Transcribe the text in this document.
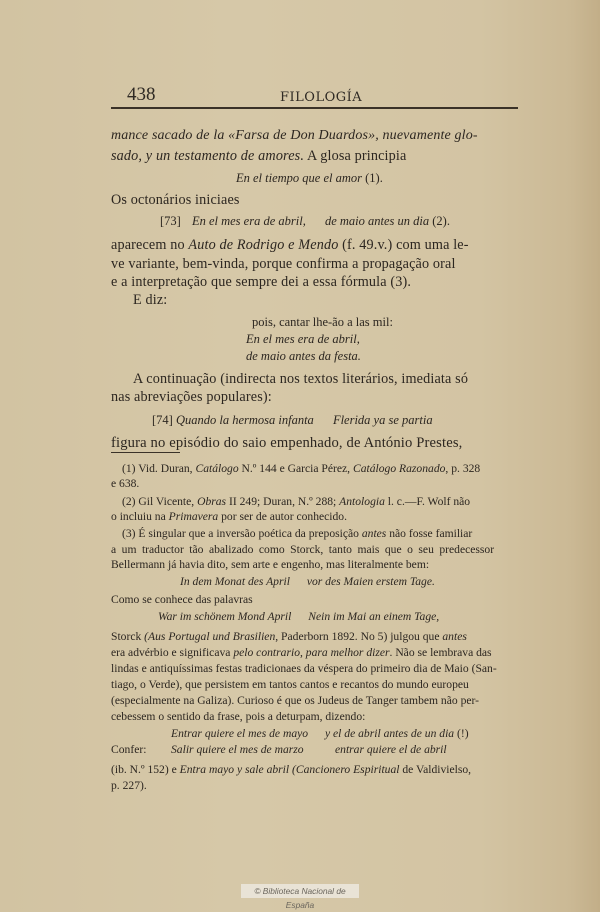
438	FILOLOGÍA
mance sacado de la «Farsa de Don Duardos», nuevamente glo-
sado, y un testamento de amores. A glosa principia
En el tiempo que el amor (1).
Os octonários iniciaes
[73] En el mes era de abril, de maio antes un dia (2).
aparecem no Auto de Rodrigo e Mendo (f. 49.v.) com uma le-
ve variante, bem-vinda, porque confirma a propagação oral
e a interpretação que sempre dei a essa fórmula (3).
E diz:
pois, cantar lhe-ão a las mil:
En el mes era de abril,
de maio antes da festa.
A continuação (indirecta nos textos literários, imediata só
nas abreviações populares):
[74] Quando la hermosa infanta Flerida ya se partia
figura no episódio do saio empenhado, de António Prestes,
(1) Vid. Duran, Catálogo N.º 144 e Garcia Pérez, Catálogo Razonado, p. 328
e 638.
(2) Gil Vicente, Obras II 249; Duran, N.º 288; Antologia l. c.—F. Wolf não
o incluiu na Primavera por ser de autor conhecido.
(3) É singular que a inversão poética da preposição antes não fosse familiar
a um traductor tão abalizado como Storck, tanto mais que o seu predecessor
Bellermann já havia dito, sem arte e engenho, mas literalmente bem:
In dem Monat des April vor des Maien erstem Tage.
Como se conhece das palavras
War im schönem Mond April Nein im Mai an einem Tage,
Storck (Aus Portugal und Brasilien, Paderborn 1892. No 5) julgou que antes
era advérbio e significava pelo contrario, para melhor dizer. Não se lembrava das
lindas e antiquíssimas festas tradicionaes da véspera do primeiro dia de Maio (San-
tiago, o Verde), que persistem em tantos cantos e recantos do mundo europeu
(especialmente na Galiza). Curioso é que os Judeus de Tanger tambem não per-
cebessem o sentido da frase, pois a deturpam, dizendo:
Entrar quiere el mes de mayo y el de abril antes de un dia (!)
Confer: Salir quiere el mes de marzo	entrar quiere el de abril
(ib. N.º 152) e Entra mayo y sale abril (Cancionero Espiritual de Valdivielso,
p. 227).
© Biblioteca Nacional de España
